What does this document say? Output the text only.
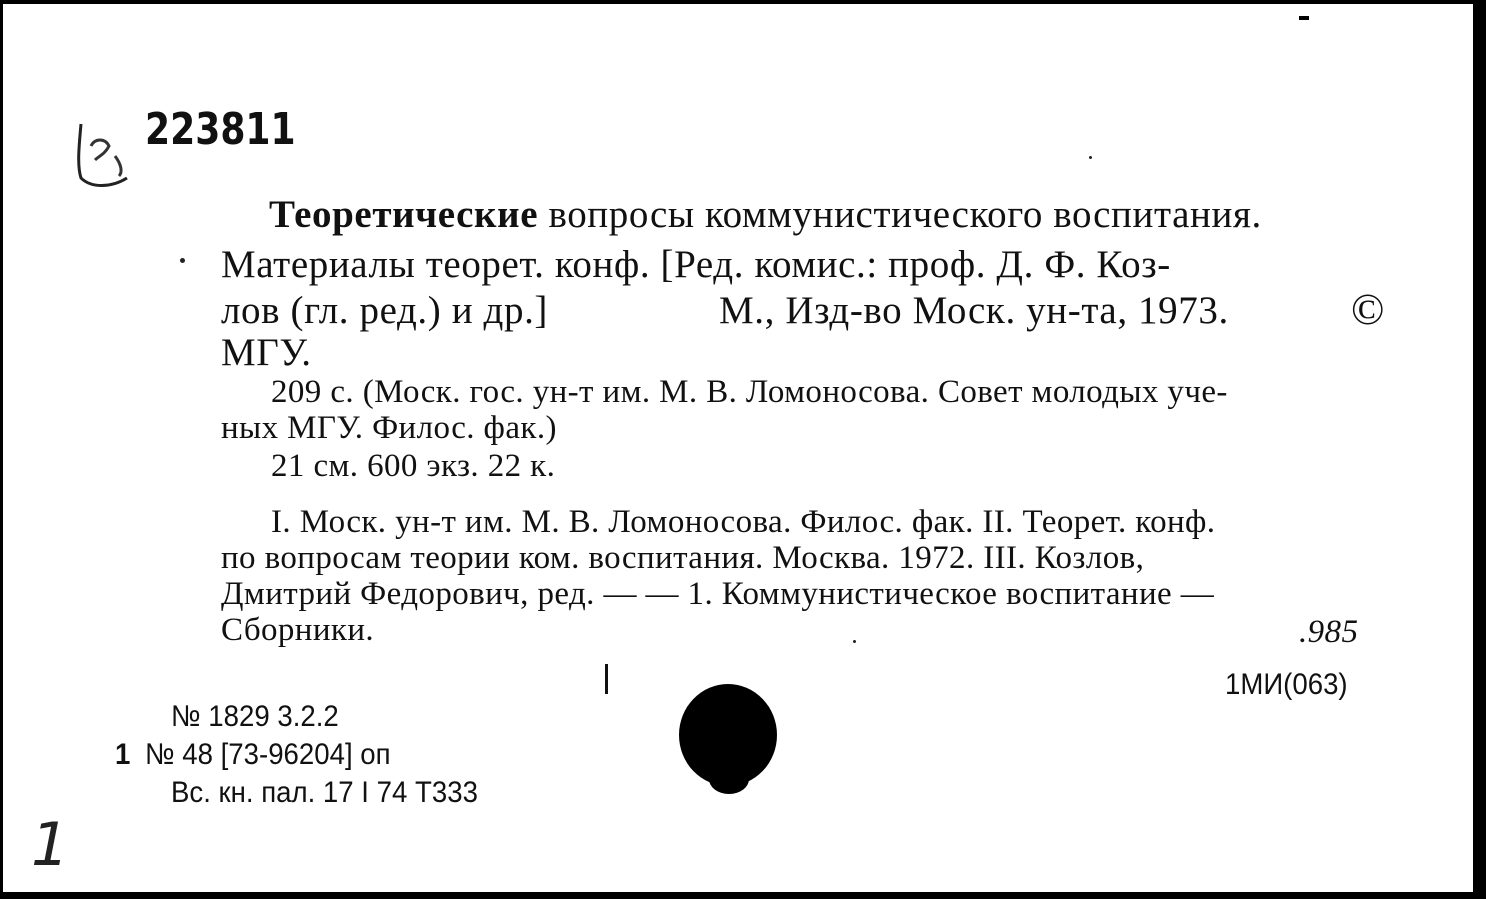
223811
Теоретические вопросы коммунистического воспитания.
Материалы теорет. конф. [Ред. комис.: проф. Д. Ф. Коз-
лов (гл. ред.) и др.]	М., Изд-во Моск. ун-та, 1973.	©
МГУ.
209 с. (Моск. гос. ун-т им. М. В. Ломоносова. Совет молодых уче-
ных МГУ. Филос. фак.)
21 см. 600 экз. 22 к.
I. Моск. ун-т им. М. В. Ломоносова. Филос. фак. II. Теорет. конф.
по вопросам теории ком. воспитания. Москва. 1972. III. Козлов,
Дмитрий Федорович, ред. — — 1. Коммунистическое воспитание —
Сборники.	.985
1МИ(063)
№ 1829 3.2.2
1 № 48 [73-96204] оп
Вс. кн. пал. 17 I 74 Т333
1
